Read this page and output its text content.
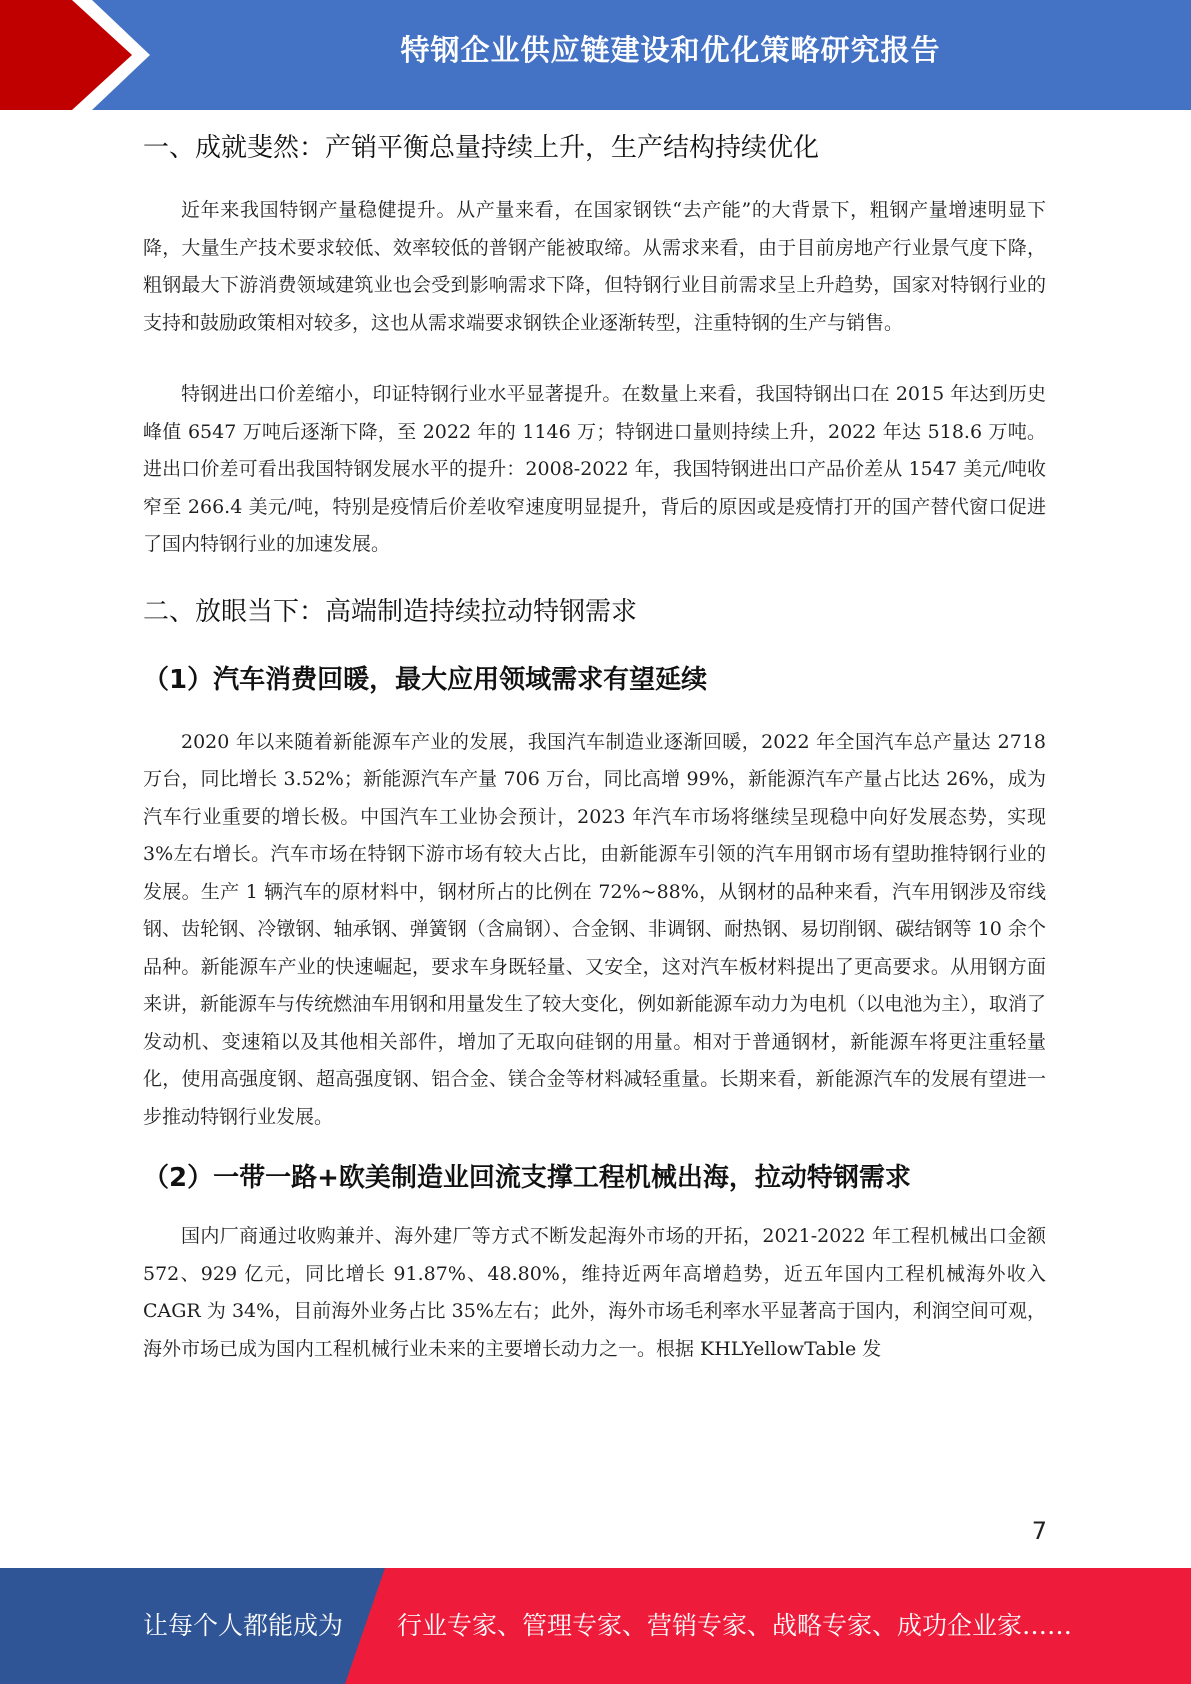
特钢企业供应链建设和优化策略研究报告
一、成就斐然：产销平衡总量持续上升，生产结构持续优化

近年来我国特钢产量稳健提升。从产量来看，在国家钢铁“去产能”的大背景下，粗钢产量增速明显下降，大量生产技术要求较低、效率较低的普钢产能被取缔。从需求来看，由于目前房地产行业景气度下降，粗钢最大下游消费领域建筑业也会受到影响需求下降，但特钢行业目前需求呈上升趋势，国家对特钢行业的支持和鼓励政策相对较多，这也从需求端要求钢铁企业逐渐转型，注重特钢的生产与销售。

特钢进出口价差缩小，印证特钢行业水平显著提升。在数量上来看，我国特钢出口在 2015 年达到历史峰值 6547 万吨后逐渐下降，至 2022 年的 1146 万；特钢进口量则持续上升，2022 年达 518.6 万吨。进出口价差可看出我国特钢发展水平的提升：2008-2022 年，我国特钢进出口产品价差从 1547 美元/吨收窄至 266.4 美元/吨，特别是疫情后价差收窄速度明显提升，背后的原因或是疫情打开的国产替代窗口促进了国内特钢行业的加速发展。

二、放眼当下：高端制造持续拉动特钢需求
（1）汽车消费回暖，最大应用领域需求有望延续

2020 年以来随着新能源车产业的发展，我国汽车制造业逐渐回暖，2022 年全国汽车总产量达 2718 万台，同比增长 3.52%；新能源汽车产量 706 万台，同比高增 99%，新能源汽车产量占比达 26%，成为汽车行业重要的增长极。中国汽车工业协会预计，2023 年汽车市场将继续呈现稳中向好发展态势，实现 3%左右增长。汽车市场在特钢下游市场有较大占比，由新能源车引领的汽车用钢市场有望助推特钢行业的发展。生产 1 辆汽车的原材料中，钢材所占的比例在 72%~88%，从钢材的品种来看，汽车用钢涉及帘线钢、齿轮钢、冷镦钢、轴承钢、弹簧钢（含扁钢）、合金钢、非调钢、耐热钢、易切削钢、碳结钢等 10 余个品种。新能源车产业的快速崛起，要求车身既轻量、又安全，这对汽车板材料提出了更高要求。从用钢方面来讲，新能源车与传统燃油车用钢和用量发生了较大变化，例如新能源车动力为电机（以电池为主），取消了发动机、变速箱以及其他相关部件，增加了无取向硅钢的用量。相对于普通钢材，新能源车将更注重轻量化，使用高强度钢、超高强度钢、铝合金、镁合金等材料减轻重量。长期来看，新能源汽车的发展有望进一步推动特钢行业发展。

（2）一带一路+欧美制造业回流支撑工程机械出海，拉动特钢需求

国内厂商通过收购兼并、海外建厂等方式不断发起海外市场的开拓，2021-2022 年工程机械出口金额 572、929 亿元，同比增长 91.87%、48.80%，维持近两年高增趋势，近五年国内工程机械海外收入 CAGR 为 34%，目前海外业务占比 35%左右；此外，海外市场毛利率水平显著高于国内，利润空间可观，海外市场已成为国内工程机械行业未来的主要增长动力之一。根据 KHLYellowTable 发

7
让每个人都能成为 行业专家、管理专家、营销专家、战略专家、成功企业家……
